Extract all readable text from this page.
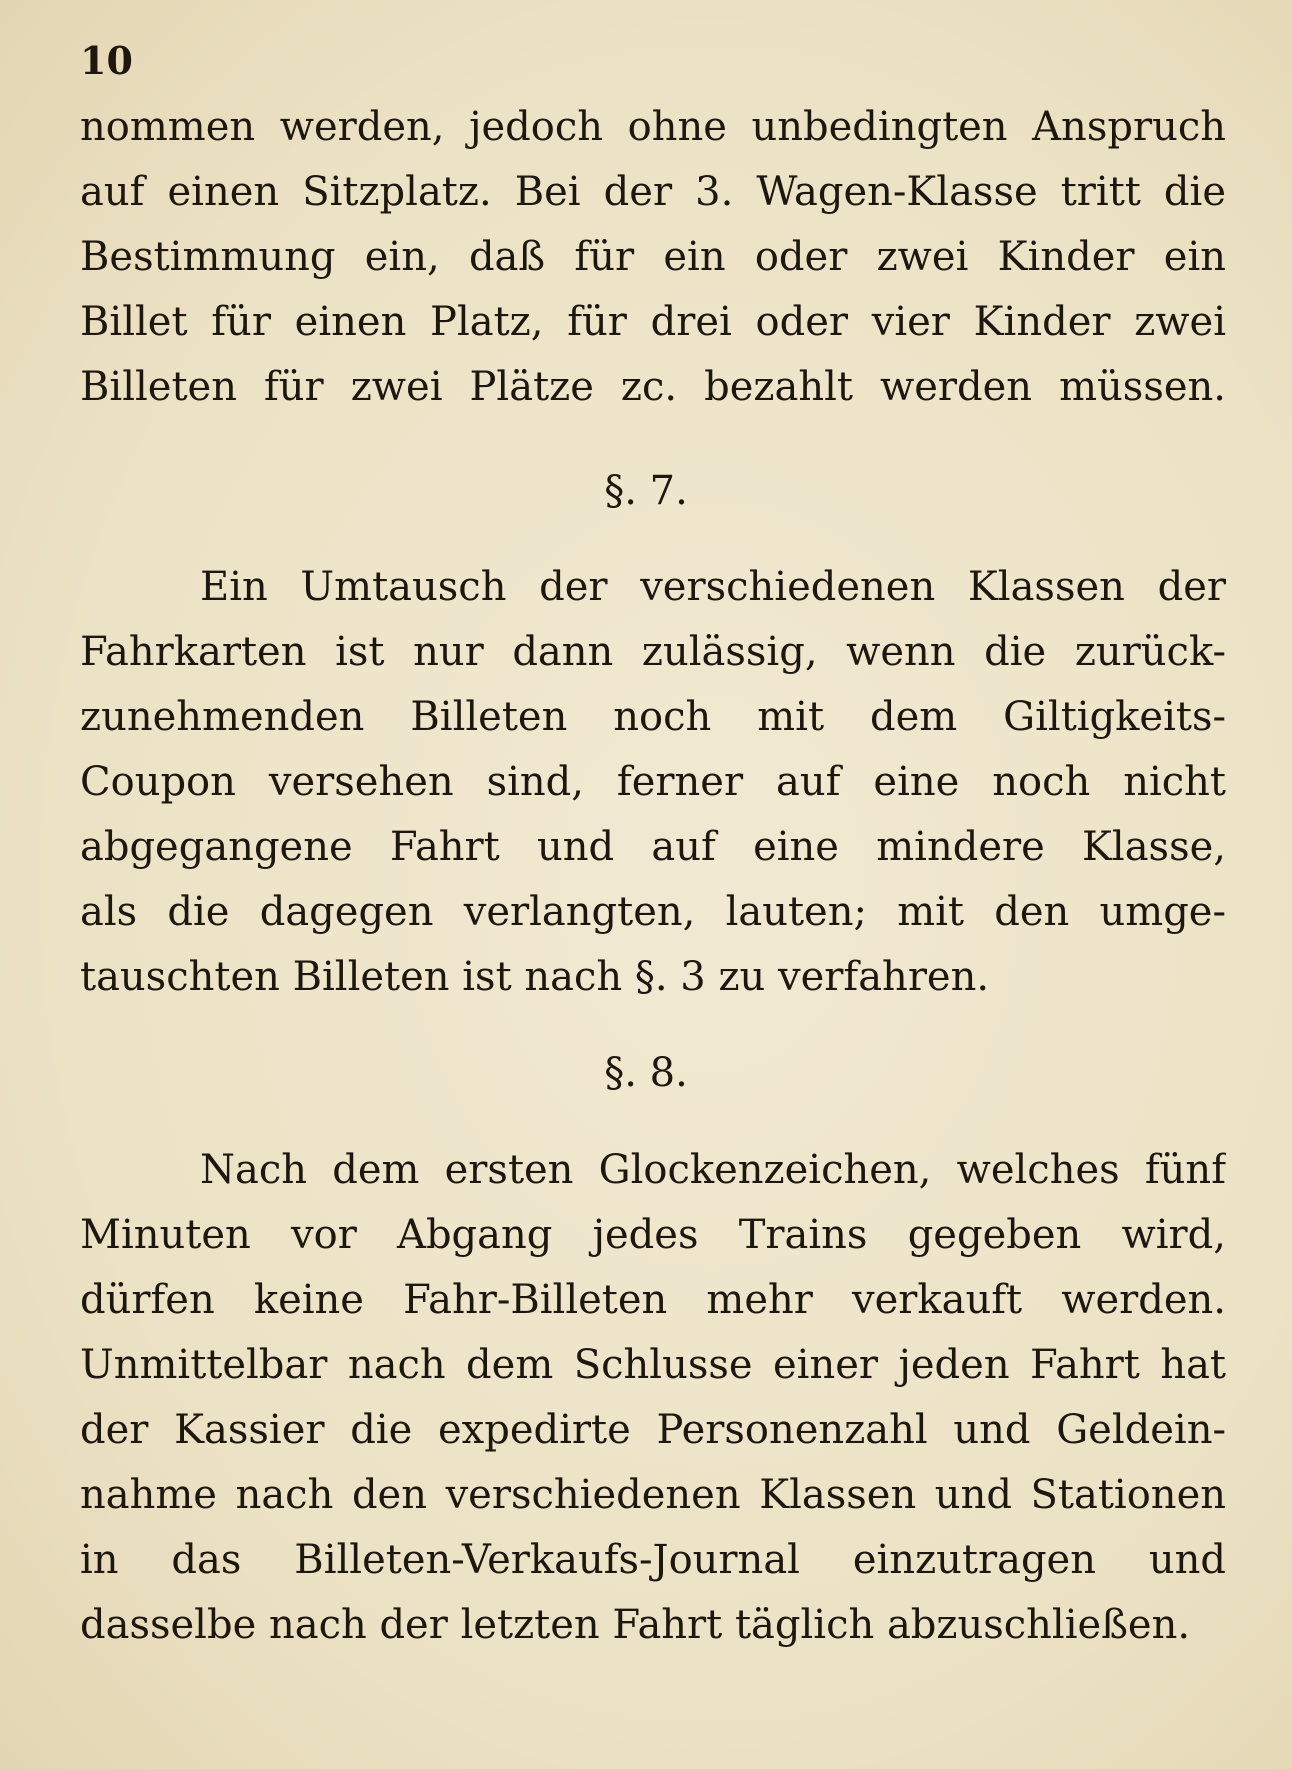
10
nommen werden, jedoch ohne unbedingten Anspruch
auf einen Sitzplatz. Bei der 3. Wagen-Klasse tritt die
Bestimmung ein, daß für ein oder zwei Kinder ein
Billet für einen Platz, für drei oder vier Kinder zwei
Billeten für zwei Plätze zc. bezahlt werden müssen.
§. 7.
Ein Umtausch der verschiedenen Klassen der
Fahrkarten ist nur dann zulässig, wenn die zurück-
zunehmenden Billeten noch mit dem Giltigkeits-
Coupon versehen sind, ferner auf eine noch nicht
abgegangene Fahrt und auf eine mindere Klasse,
als die dagegen verlangten, lauten; mit den umge-
tauschten Billeten ist nach §. 3 zu verfahren.
§. 8.
Nach dem ersten Glockenzeichen, welches fünf
Minuten vor Abgang jedes Trains gegeben wird,
dürfen keine Fahr-Billeten mehr verkauft werden.
Unmittelbar nach dem Schlusse einer jeden Fahrt hat
der Kassier die expedirte Personenzahl und Geldein-
nahme nach den verschiedenen Klassen und Stationen
in das Billeten-Verkaufs-Journal einzutragen und
dasselbe nach der letzten Fahrt täglich abzuschließen.
